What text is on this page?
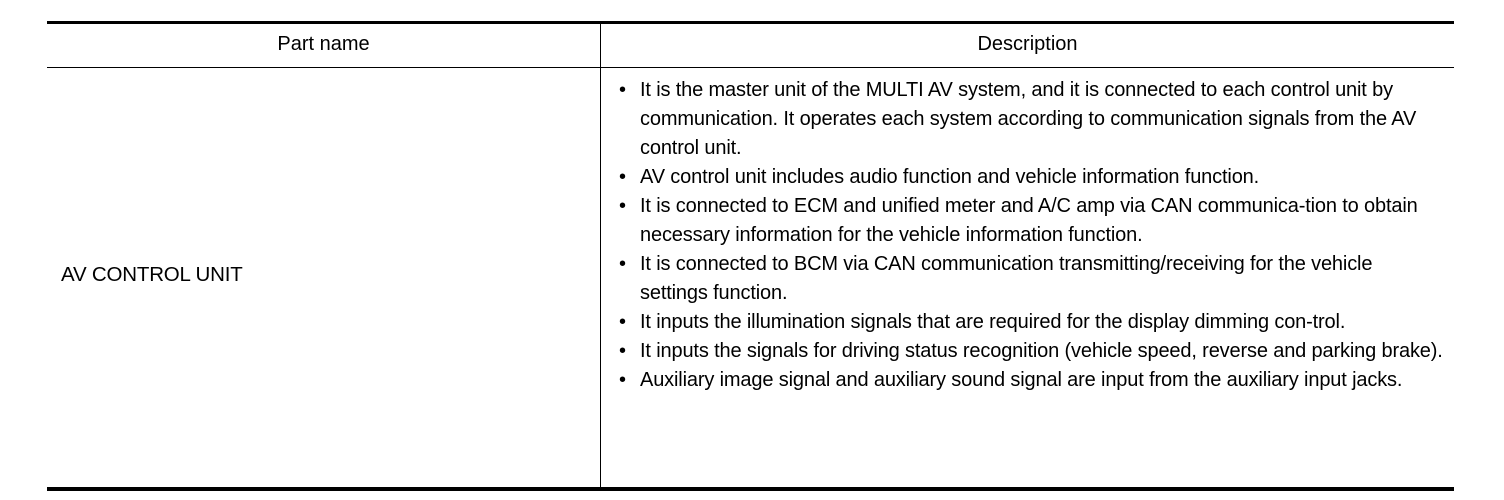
Part name	Description
AV CONTROL UNIT
• It is the master unit of the MULTI AV system, and it is connected to each control unit by communication. It operates each system according to communication signals from the AV control unit.
• AV control unit includes audio function and vehicle information function.
• It is connected to ECM and unified meter and A/C amp via CAN communica-tion to obtain necessary information for the vehicle information function.
• It is connected to BCM via CAN communication transmitting/receiving for the vehicle settings function.
• It inputs the illumination signals that are required for the display dimming con-trol.
• It inputs the signals for driving status recognition (vehicle speed, reverse and parking brake).
• Auxiliary image signal and auxiliary sound signal are input from the auxiliary input jacks.
